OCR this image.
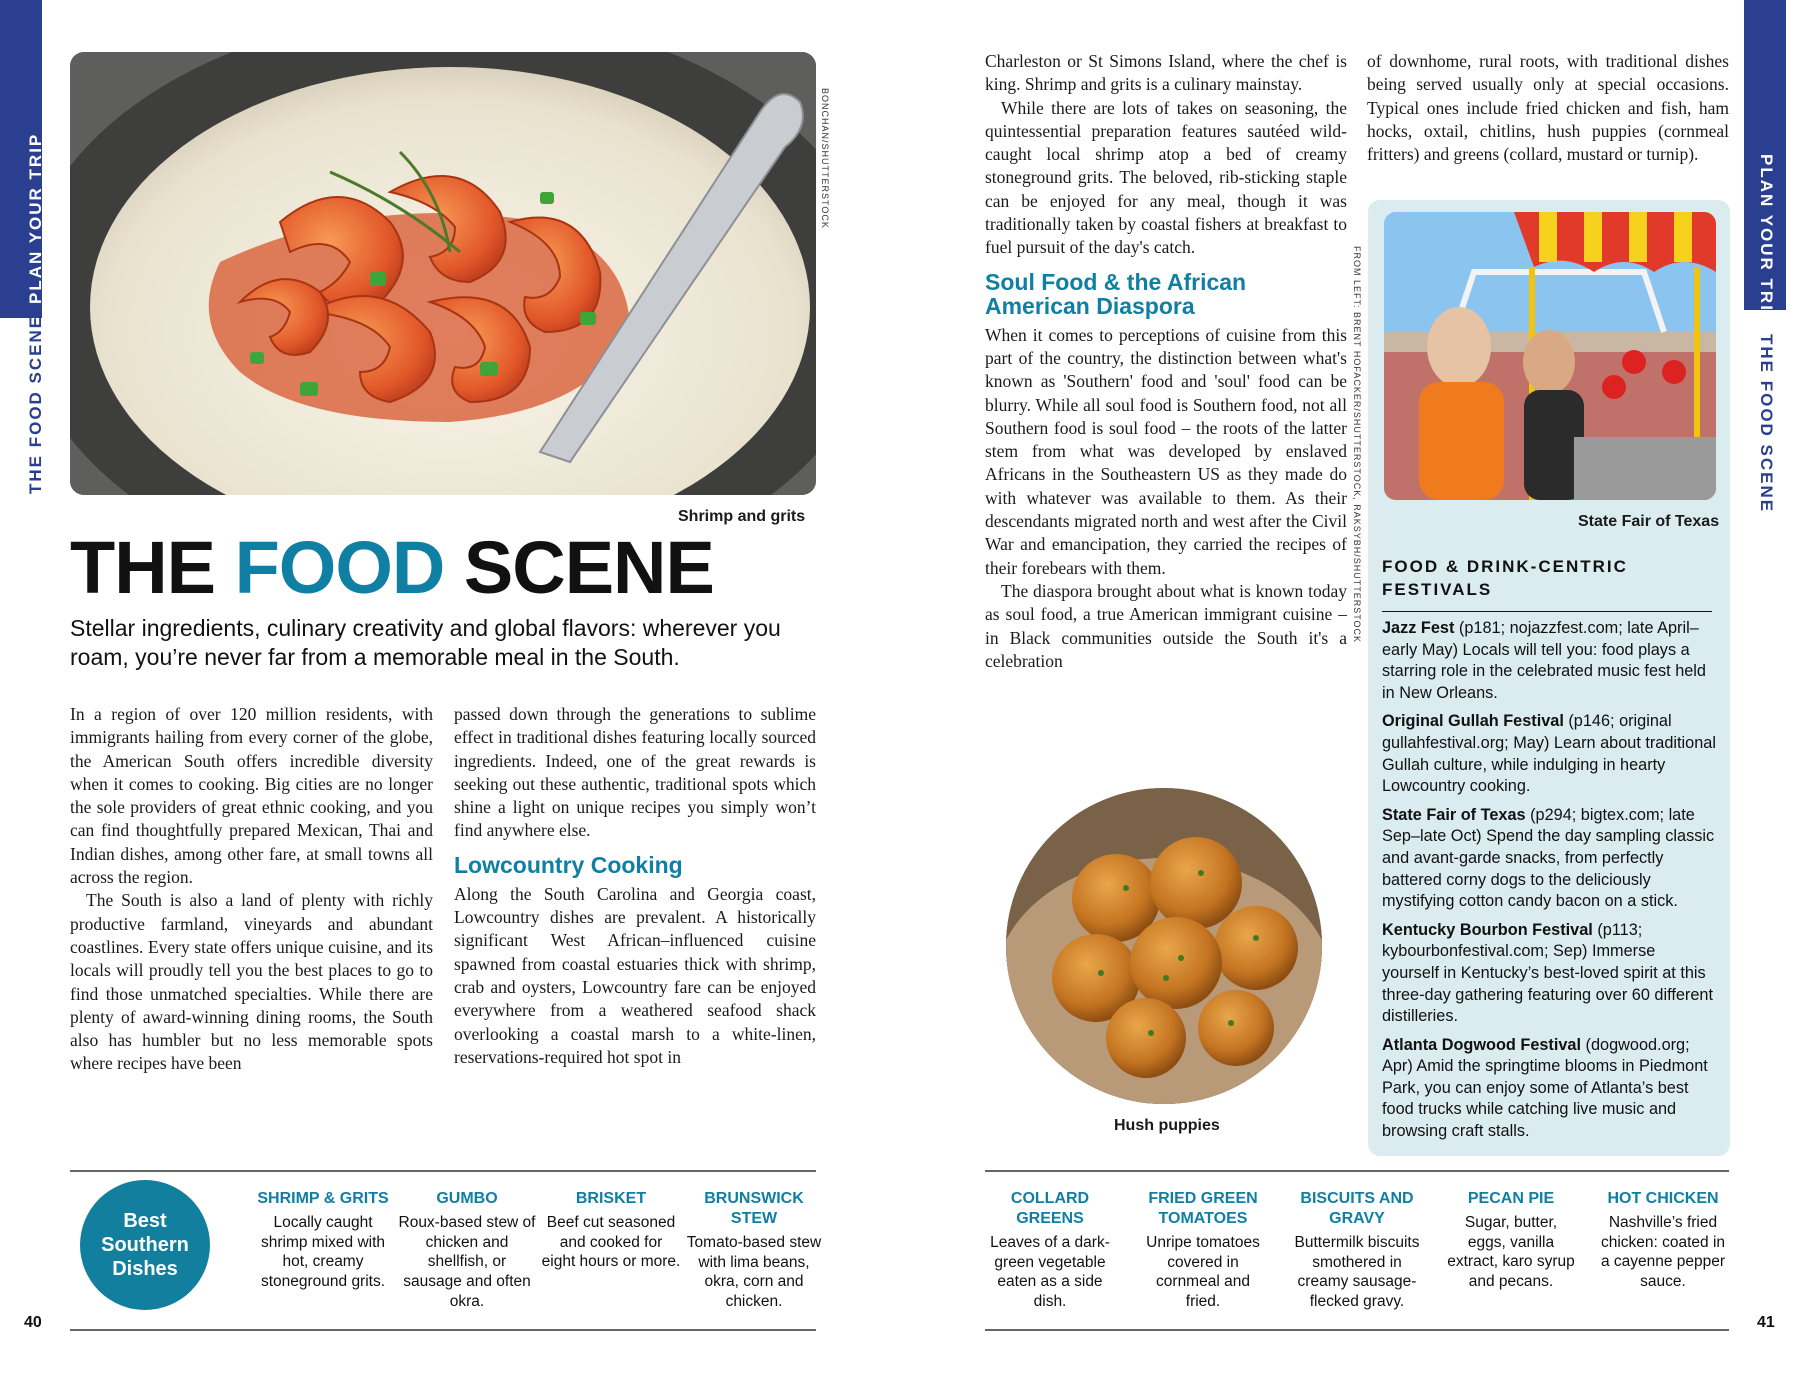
PLAN YOUR TRIP
THE FOOD SCENE
PLAN YOUR TRIP
THE FOOD SCENE
BONCHAN/SHUTTERSTOCK
Shrimp and grits
THE FOOD SCENE
Stellar ingredients, culinary creativity and global flavors: wherever you roam, you’re never far from a memorable meal in the South.

In a region of over 120 million residents, with immigrants hailing from every corner of the globe, the American South offers incredible diversity when it comes to cooking. Big cities are no longer the sole providers of great ethnic cooking, and you can find thoughtfully prepared Mexican, Thai and Indian dishes, among other fare, at small towns all across the region.

The South is also a land of plenty with richly productive farmland, vineyards and abundant coastlines. Every state offers unique cuisine, and its locals will proudly tell you the best places to go to find those unmatched specialties. While there are plenty of award-winning dining rooms, the South also has humbler but no less memorable spots where recipes have been

passed down through the generations to sublime effect in traditional dishes featuring locally sourced ingredients. Indeed, one of the great rewards is seeking out these authentic, traditional spots which shine a light on unique recipes you simply won’t find anywhere else.

Lowcountry Cooking

Along the South Carolina and Georgia coast, Lowcountry dishes are prevalent. A historically significant West African–influenced cuisine spawned from coastal estuaries thick with shrimp, crab and oysters, Lowcountry fare can be enjoyed everywhere from a weathered seafood shack overlooking a coastal marsh to a white-linen, reservations-required hot spot in

Charleston or St Simons Island, where the chef is king. Shrimp and grits is a culinary mainstay.

While there are lots of takes on seasoning, the quintessential preparation features sautéed wild-caught local shrimp atop a bed of creamy stoneground grits. The beloved, rib-sticking staple can be enjoyed for any meal, though it was traditionally taken by coastal fishers at breakfast to fuel pursuit of the day's catch.

Soul Food & the African American Diaspora

When it comes to perceptions of cuisine from this part of the country, the distinction between what's known as 'Southern' food and 'soul' food can be blurry. While all soul food is Southern food, not all Southern food is soul food – the roots of the latter stem from what was developed by enslaved Africans in the Southeastern US as they made do with whatever was available to them. As their descendants migrated north and west after the Civil War and emancipation, they carried the recipes of their forebears with them.

The diaspora brought about what is known today as soul food, a true American immigrant cuisine – in Black communities outside the South it's a celebration

of downhome, rural roots, with traditional dishes being served usually only at special occasions. Typical ones include fried chicken and fish, ham hocks, oxtail, chitlins, hush puppies (cornmeal fritters) and greens (collard, mustard or turnip).

FROM LEFT: BRENT HOFACKER/SHUTTERSTOCK, RAKSYBH/SHUTTERSTOCK	State Fair of Texas
FOOD & DRINK-CENTRIC FESTIVALS
Jazz Fest (p181; nojazzfest.com; late April–early May) Locals will tell you: food plays a starring role in the celebrated music fest held in New Orleans.
Original Gullah Festival (p146; original gullahfestival.org; May) Learn about traditional Gullah culture, while indulging in hearty Lowcountry cooking.
State Fair of Texas (p294; bigtex.com; late Sep–late Oct) Spend the day sampling classic and avant-garde snacks, from perfectly battered corny dogs to the deliciously mystifying cotton candy bacon on a stick.
Kentucky Bourbon Festival (p113; kybourbonfestival.com; Sep) Immerse yourself in Kentucky’s best-loved spirit at this three-day gathering featuring over 60 different distilleries.
Atlanta Dogwood Festival (dogwood.org; Apr) Amid the springtime blooms in Piedmont Park, you can enjoy some of Atlanta’s best food trucks while catching live music and browsing craft stalls.
Hush puppies
Best Southern Dishes
SHRIMP & GRITS
Locally caught shrimp mixed with hot, creamy stoneground grits.
GUMBO
Roux-based stew of chicken and shellfish, or sausage and often okra.
BRISKET
Beef cut seasoned and cooked for eight hours or more.
BRUNSWICK STEW
Tomato-based stew with lima beans, okra, corn and chicken.
COLLARD GREENS
Leaves of a dark-green vegetable eaten as a side dish.
FRIED GREEN TOMATOES
Unripe tomatoes covered in cornmeal and fried.
BISCUITS AND GRAVY
Buttermilk biscuits smothered in creamy sausage-flecked gravy.
PECAN PIE
Sugar, butter, eggs, vanilla extract, karo syrup and pecans.
HOT CHICKEN
Nashville’s fried chicken: coated in a cayenne pepper sauce.
40	41
